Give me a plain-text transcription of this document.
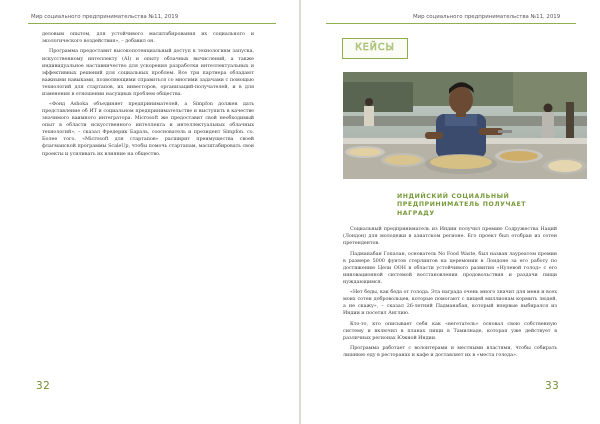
Мир социального предпринимательства №11, 2019

деловым опытом, для устойчивого масштабирования их социального и экологического воздействия», – добавил он.

Программа предоставит высокопотенциальный доступ к технологиям запуска, искусственному интеллекту (AI) и опыту облачных вычислений, а также индивидуальное наставничество для ускорения разработки интеллектуальных и эффективных решений для социальных проблем. Все три партнера обладают важными навыками, позволяющими справиться со многими задачами с помощью технологий для стартапов, их инвесторов, организаций-получателей, и в для изменения в отношении насущных проблем общества.

«Фонд Ashoka объединяет предпринимателей, а Simpfon должен дать представление об ИТ и социальном предпринимательстве и выступить в качестве значимого ваимного интегратора. Microsoft же предоставит свой необходимый опыт в области искусственного интеллекта и интеллектуальных облачных технологий», – сказал Фредерик Бараль, сооснователь и президент Simpfon. co. Более того, «Microsoft для стартапов» расширит преимущества своей флагманской программы ScaleUp, чтобы помочь стартапам, масштабировать свои проекты и усиливать их влияние на общество.

32
Мир социального предпринимательства №11, 2019
КЕЙСЫ
ИНДИЙСКИЙ СОЦИАЛЬНЫЙ ПРЕДПРИНИМАТЕЛЬ ПОЛУЧАЕТ НАГРАДУ

Социальный предприниматель из Индии получил премию Содружества Наций (Лондон) для молодежи в азиатском регионе. Его проект был отобран из сотен претендентов.

Падманабан Гопалан, основатель No Food Waste, был назван лауреатом премии в размере 5000 фунтов стерлингов на церемонии в Лондоне за его работу по достижению Цели ООН в области устойчивого развития «Нулевой голод» с его инновационной системой восстановления продовольствия и раздачи пищи нуждающимся.

«Нет беды, как беда от голода. Эта награда очень много значит для меня и всех моих сотен добровольцев, которые помогают с пищей миллионам кормить людей, а не скажу», – сказал 26-летний Падманабан, который впервые выбирался из Индии и посетил Англию.

Кто-то, кто описывает себя как «вегетатель» основал свою собственную систему и включил в планах пищи в Тамилнаде, которая уже действует в различных регионах Южной Индии.

Программа работает с волонтерами и местными властями, чтобы собирать лишнюю еду в ресторанах и кафе и доставляет их в «места голода».

33
